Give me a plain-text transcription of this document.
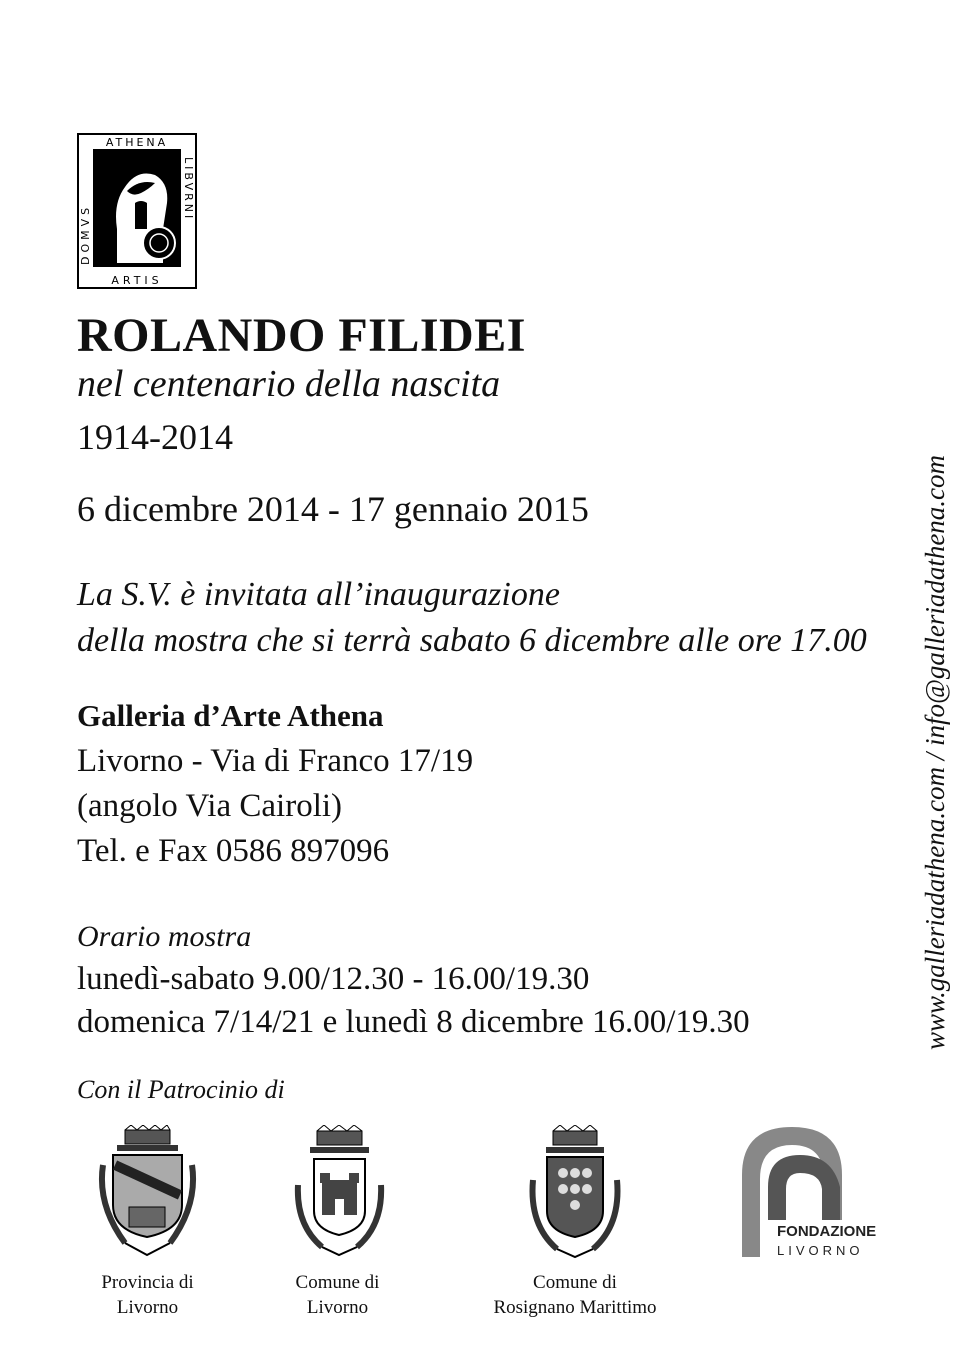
ATHENA
ARTIS
DOMVS
LIBVRNI
ROLANDO FILIDEI
nel centenario della nascita
1914-2014
6 dicembre 2014 - 17 gennaio 2015
La S.V. è invitata all’inaugurazione
della mostra che si terrà sabato 6 dicembre alle ore 17.00
Galleria d’Arte Athena
Livorno - Via di Franco 17/19
(angolo Via Cairoli)
Tel. e Fax 0586 897096
Orario mostra
lunedì-sabato 9.00/12.30 - 16.00/19.30
domenica 7/14/21 e lunedì 8 dicembre 16.00/19.30
Con il Patrocinio di
Provincia di
Livorno
Comune di
Livorno
Comune di
Rosignano Marittimo
FONDAZIONE
LIVORNO
www.galleriadathena.com / info@galleriadathena.com
